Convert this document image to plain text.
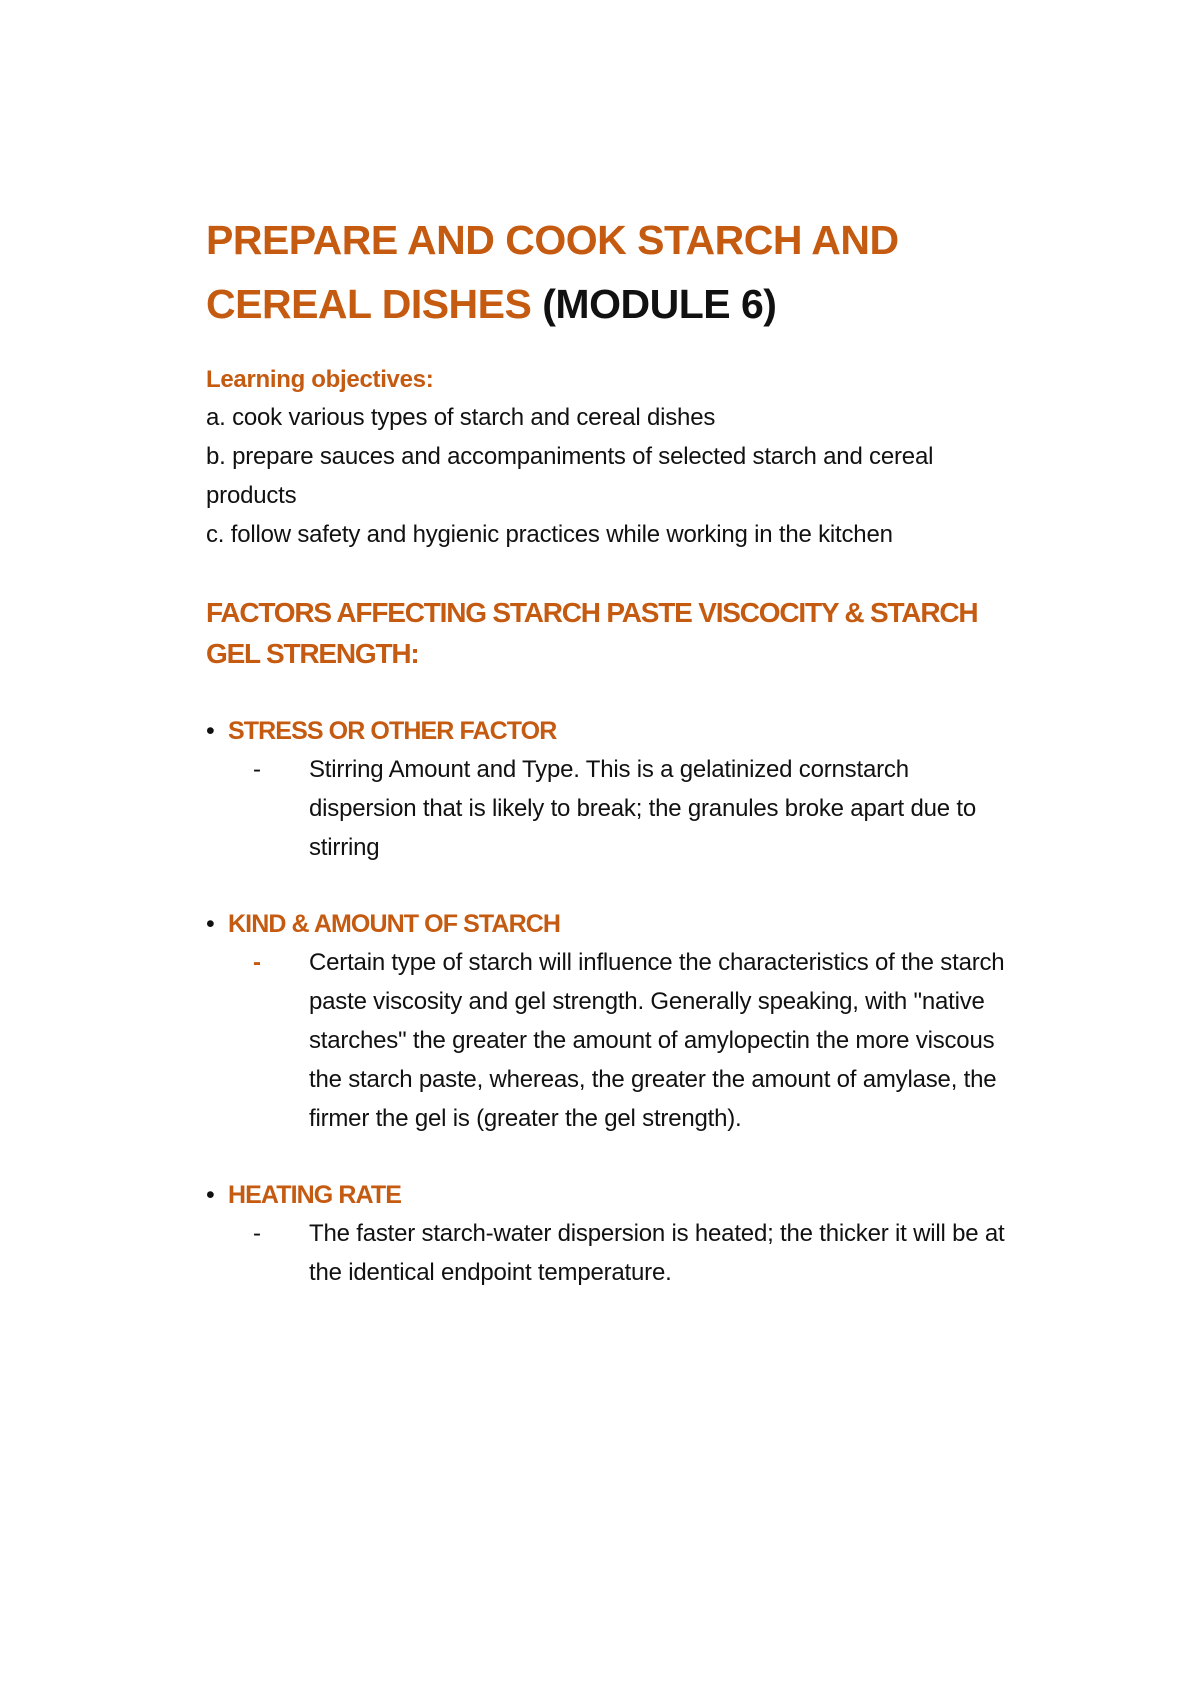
PREPARE AND COOK STARCH AND CEREAL DISHES (MODULE 6)
Learning objectives:
a. cook various types of starch and cereal dishes
b. prepare sauces and accompaniments of selected starch and cereal products
c. follow safety and hygienic practices while working in the kitchen
FACTORS AFFECTING STARCH PASTE VISCOCITY & STARCH GEL STRENGTH:
• STRESS OR OTHER FACTOR
-	Stirring Amount and Type. This is a gelatinized cornstarch dispersion that is likely to break; the granules broke apart due to stirring
• KIND & AMOUNT OF STARCH
-	Certain type of starch will influence the characteristics of the starch paste viscosity and gel strength. Generally speaking, with "native starches" the greater the amount of amylopectin the more viscous the starch paste, whereas, the greater the amount of amylase, the firmer the gel is (greater the gel strength).
• HEATING RATE
-	The faster starch-water dispersion is heated; the thicker it will be at the identical endpoint temperature.
